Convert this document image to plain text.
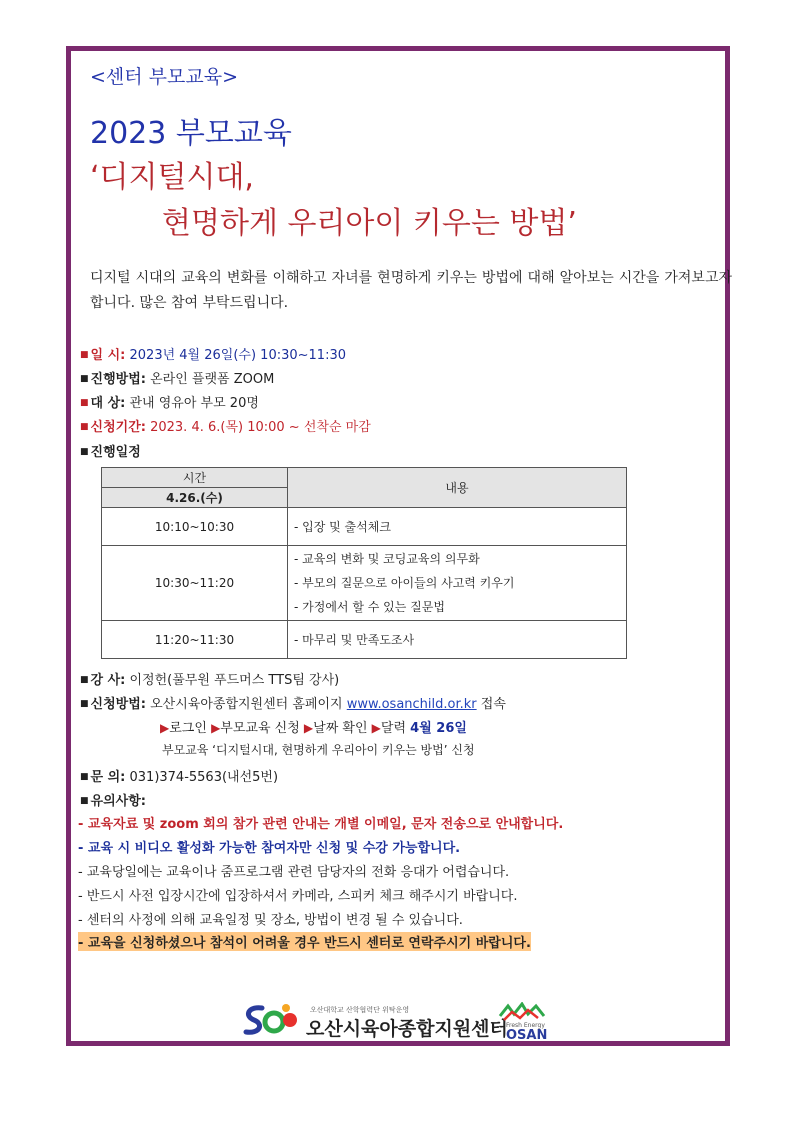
<센터 부모교육>
2023 부모교육
‘디지털시대,
현명하게 우리아이 키우는 방법’
디지털 시대의 교육의 변화를 이해하고 자녀를 현명하게 키우는 방법에 대해 알아보는 시간을 가져보고자 합니다. 많은 참여 부탁드립니다.
■ 일 시: 2023년 4월 26일(수) 10:30~11:30
■ 진행방법: 온라인 플랫폼 ZOOM
■ 대 상: 관내 영유아 부모 20명
■ 신청기간: 2023. 4. 6.(목) 10:00 ~ 선착순 마감
■ 진행일정
시간
4.26.(수)	내용
10:10~10:30	- 입장 및 출석체크

10:30~11:20	- 교육의 변화 및 코딩교육의 의무화
- 부모의 질문으로 아이들의 사고력 키우기
- 가정에서 할 수 있는 질문법

11:20~11:30	- 마무리 및 만족도조사
■ 강 사: 이정헌(풀무원 푸드머스 TTS팀 강사)
■ 신청방법: 오산시육아종합지원센터 홈페이지 www.osanchild.or.kr 접속
▶로그인 ▶부모교육 신청 ▶날짜 확인 ▶달력 4월 26일
부모교육 ‘디지털시대, 현명하게 우리아이 키우는 방법’ 신청
■ 문 의: 031)374-5563(내선5번)
■ 유의사항:
- 교육자료 및 zoom 회의 참가 관련 안내는 개별 이메일, 문자 전송으로 안내합니다.
- 교육 시 비디오 활성화 가능한 참여자만 신청 및 수강 가능합니다.
- 교육당일에는 교육이나 줌프로그램 관련 담당자의 전화 응대가 어렵습니다.
- 반드시 사전 입장시간에 입장하셔서 카메라, 스피커 체크 해주시기 바랍니다.
- 센터의 사정에 의해 교육일정 및 장소, 방법이 변경 될 수 있습니다.
- 교육을 신청하셨으나 참석이 어려울 경우 반드시 센터로 연락주시기 바랍니다.
오산대학교 산학협력단 위탁운영
오산시육아종합지원센터
Fresh Energy
OSAN
